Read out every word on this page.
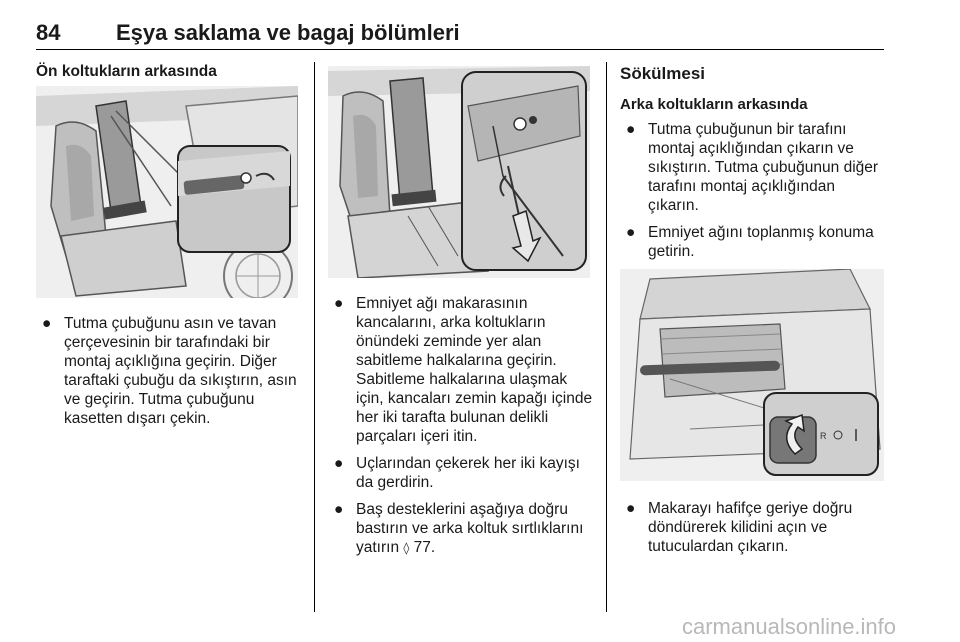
84	Eşya saklama ve bagaj bölümleri
Ön koltukların arkasında
● Tutma çubuğunu asın ve tavan çerçevesinin bir tarafındaki bir montaj açıklığına geçirin. Diğer taraftaki çubuğu da sıkıştırın, asın ve geçirin. Tutma çubuğunu kasetten dışarı çekin.
● Emniyet ağı makarasının kancalarını, arka koltukların önündeki zeminde yer alan sabitleme halkalarına geçirin. Sabitleme halkalarına ulaşmak için, kancaları zemin kapağı içinde her iki tarafta bulunan delikli parçaları içeri itin.
● Uçlarından çekerek her iki kayışı da gerdirin.
● Baş desteklerini aşağıya doğru bastırın ve arka koltuk sırtlıklarını yatırın ◊ 77.
Sökülmesi
Arka koltukların arkasında
● Tutma çubuğunun bir tarafını montaj açıklığından çıkarın ve sıkıştırın. Tutma çubuğunun diğer tarafını montaj açıklığından çıkarın.
● Emniyet ağını toplanmış konuma getirin.
R
● Makarayı hafifçe geriye doğru döndürerek kilidini açın ve tutuculardan çıkarın.
carmanualsonline.info
